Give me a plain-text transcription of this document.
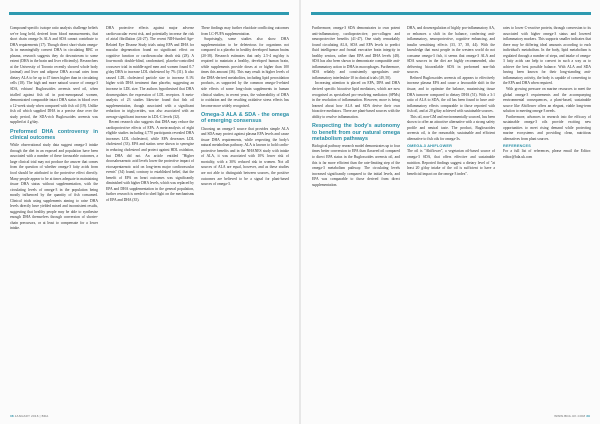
Compound-specific isotope ratio analysis challenge beliefs we've long held, derived from blood measurements, that short chain omega-3s ALA and SDA cannot contribute to DHA requirements (17). Though direct short-chain omega-3s in meaningfully convert DHA in circulating RBC or plasma, research suggests they do downstream to some extent (DHA in the brain and liver efficiently). Researchers at the University of Toronto recently showed whole body (animal) and liver and adipose DHA accrual rates from dietary ALA to be up to 47 times higher than in circulating cells (18). The high and more natural source of omega-3 SDA, echium/ Buglossoides arvensis seed oil, when trialled against fish oil in post-menopausal women, demonstrated comparable intact DHA status in blood over a 12-week study when compared with fish oil (19). Unlike fish oil which supplied DHA in a precise dose over the study period, the SDA-rich Buglossoides arvensis was supplied at 4 g/day.

Preformed DHA controversy in clinical outcomes

While observational study data suggest omega-3 intake through the diet in an exposed and population have been associated with a number of these favourable outcomes, a large clinical trial may not produce the answer that comes from the question of whether omega-3 fatty acids from food should be attributed to the protective effect directly. Many people appear to be at times adequate in maintaining tissue DHA status without supplementation, with the circulating levels of omega-3 in the population being mostly influenced by the quantity of fish consumed. Clinical trials using supplements aiming to raise DHA levels directly have yielded mixed and inconsistent results, suggesting that healthy people may be able to synthesise enough DHA themselves through conversion of shorter-chain precursors, or at least to compensate for a lower intake.

DHA protective effects against major adverse cardiovascular event risk, and potentially increase the risk of atrial fibrillation (24-27). The recent NIH-funded Age-Related Eye Disease Study trials using EPA and DHA for macular degeneration found no significant effect on cognitive function or cardiovascular death risk (28). A four-month double-blind, randomised, placebo-controlled crossover trial in middle-aged men and women found 0.7 g/day DHA to increase LDL cholesterol by 7% (31). It also caused LDL cholesterol particle size to increase 0.1% higher with DHA treatment than placebo, suggesting an increase in LDL size. The authors hypothesised that DHA downregulates the expression of LDL receptors. A meta-analysis of 23 studies likewise found that fish oil supplementation, though associated with a significant reduction in triglycerides, was also associated with an average significant increase in LDL-C levels (32).

Recent research also suggests that DHA may reduce the cardioprotective effects of EPA. A meta-analysis of eight eligible studies including 4,770 participants revealed DHA increases LDL cholesterol, while EPA decreases LDL cholesterol (33). EPA and statins were shown to synergise in reducing cholesterol and protect against HDL oxidation, but DHA did not. An article entitled "Higher docosahexaenoic acid levels lower the protective impact of eicosapentaenoic acid on long-term major cardiovascular events" (34) found, contrary to established belief, that the benefit of EPA on heart outcomes was significantly diminished with higher DHA levels, which was replaced by EPA and DHA supplementation in the general population, further research is needed to shed light on the mechanisms of EPA and DHA (35).

These findings may further elucidate conflicting outcomes from LC-PUFA supplementation.

Surprisingly, some studies also show DHA supplementation to be deleterious for organisms not compared to a placebo in healthy developed human brains (20-38). Research estimates that only 2.5-4 mg/day is required to maintain a healthy, developed human brain, while supplements provide doses at or higher than 100 times this amount (36). This may result in higher levels of the DHA-derived metabolites, including lipid peroxidation products, as supported by the common omega-3-related side effects of some long-chain supplements in human clinical studies; in recent years, the vulnerability of DHA to oxidation and the resulting oxidative stress effects has become more widely recognised.

Omega-3 ALA & SDA - the omega of emerging consensus

Choosing an omega-3 source that provides simple ALA and SDA may protect against plasma EPA levels and cause tissue DHA requirements, while respecting the body's natural metabolism pathway. ALA is known to hold cardio-protective benefits and in the NHANES study with intake of ALA, it was associated with 10% lower risk of mortality, with a 30% reduced risk in women. Not all sources of ALA are equal, however, and as these studies are not able to distinguish between sources, the positive outcomes are believed to be a signal for plant-based sources of omega-3.

Furthermore, omega-3 SDA demonstrates to own potent anti-inflammatory, cardioprotective, pro-collagen and neuroprotective benefits (41-47). One study remarkably found circulating ALA, SDA and EPA levels to predict fluid intelligence and frontal executive brain integrity in healthy seniors, rather than EPA and DHA levels (48). SDA has also been shown to demonstrate comparable anti-inflammatory action to DHA in macrophages. Furthermore, SDA reliably and consistently upregulates anti-inflammatory interleukin-10 in clinical trials (49, 50).

Increasing attention is placed on EPA, DPA and DHA derived specific bioactive lipid mediators, which are now recognised as specialised pro-resolving mediators (SPMs) in the resolution of inflammation. However, more is being learned about how ALA and SDA derive their own bioactive mediators. There are plant-based sources with the ability to resolve inflammation.

Respecting the body's autonomy to benefit from our natural omega metabolism pathways

Biological pathway research model demonstrates up to four times better conversion to EPA than flaxseed oil compared to direct EPA status in the Buglossoides arvensis oil, and this is far more efficient than the rate-limiting step of the omega-3 metabolism pathway. The circulating levels increased significantly compared to the initial levels, and EPA was comparable to those derived from direct supplementation.

DHA, and downregulation of highly pro-inflammatory AA, or enhances a shift in the balance, conferring anti-inflammatory, neuroprotective, cognitive enhancing, and insulin sensitising effects (33, 37, 38, 44). With the knowledge that most people in the western world do not consume omega-3 fish, it seems that omega-3 ALA and SDA sources in the diet are highly recommended, also delivering bioavailable SDA in preformed non-fish sources.

Refined Buglossoides arvensis oil appears to effectively increase plasma EPA and cause a favourable shift in the tissue, and to optimise the balance, maximising tissue DHA turnover compared to dietary DHA (51). With a 3:1 ratio of ALA to SDA, the oil has been found to have anti-inflammatory effects comparable to those reported with fish oil, and at 20 g/day achieved with sustainable sources.

This oil, non-GM and environmentally sourced, has been shown to offer an attractive alternative with a strong safety profile and neutral taste. The product, Buglossoides arvensis oil, is the reasonable, sustainable and efficient alternative to fish oils for omega-3s.

OMEGA-3 AHIFLOWER

The oil is "Ahiflower", a vegetarian oil-based source of omega-3 SDA, that offers effective and sustainable nutrition. Reported findings suggest a dietary level of "at least 20 g/day intake of the oil is sufficient to have a beneficial impact on the omega-3 index".

rates to lower C-reactive protein, through conversion to its associated with higher omega-3 status and lowered inflammatory markers. This supports smaller indicates that there may be differing ideal amounts according to each individual's metabolism. In the body, lipid metabolism is regulated through a number of steps, and intake of omega-3 fatty acids can help to convert in such a way as to achieve the best possible balance. With ALA and SDA having been known for their long-standing anti-inflammatory activity, the body is capable of converting to the EPA and DHA when required.

With growing pressure on marine resources to meet the global omega-3 requirements and the accompanying environmental consequences, a plant-based, sustainable source like Ahiflower offers an elegant, viable long-term solution to meeting omega-3 needs.

Furthermore, advances in research into the efficacy of sustainable omega-3 oils provide exciting new opportunities to meet rising demand while protecting marine ecosystems and providing clean, nutritious alternatives from plant sources.

REFERENCES

For a full list of references, please email the Editor: editor@bda.uk.com

38 JANUARY 2016 | BDA	WWW.BDA.UK.COM 39
